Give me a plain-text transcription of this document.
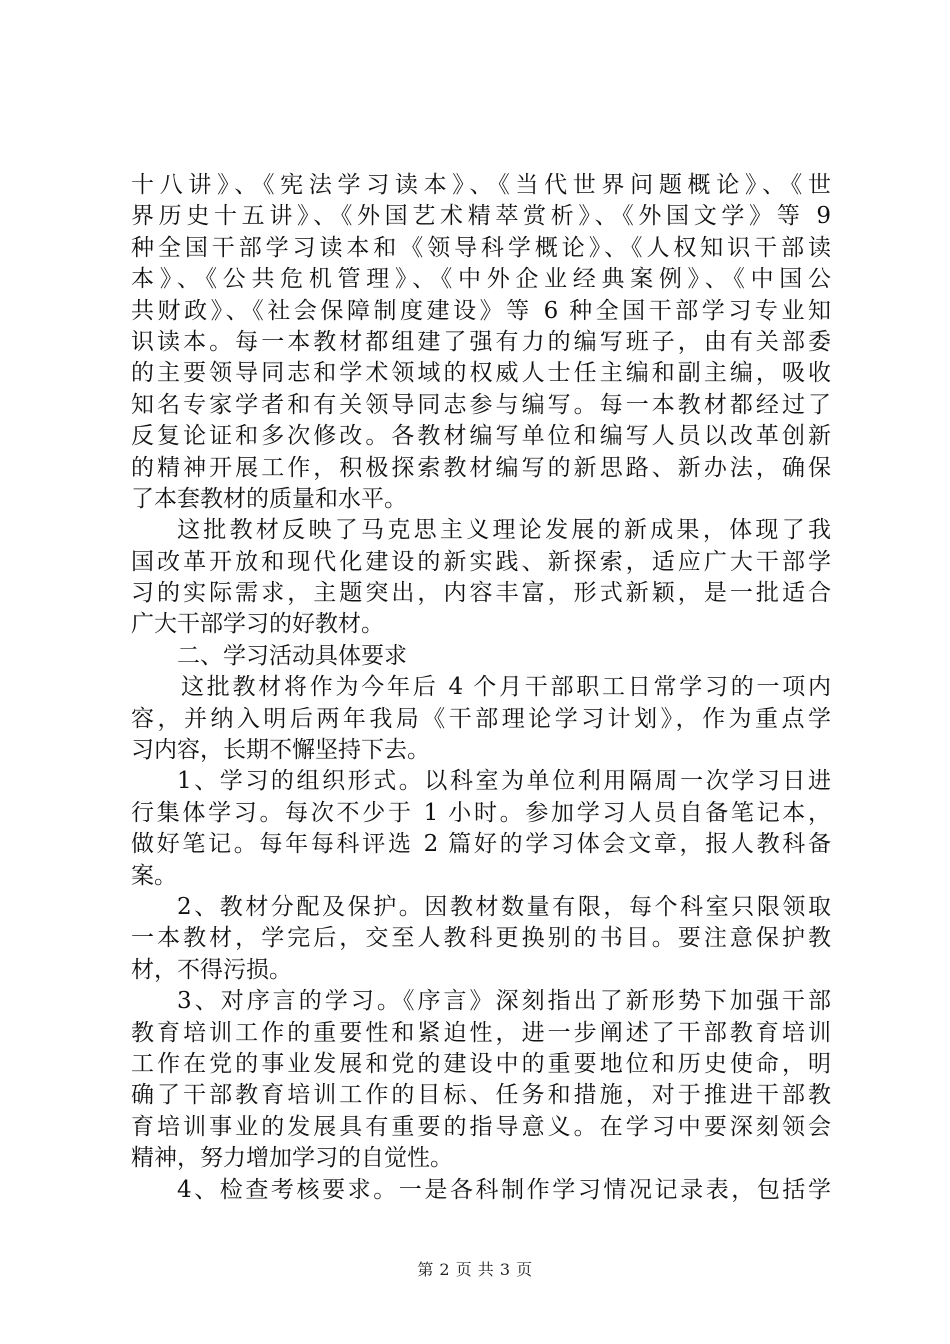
十八讲》、《宪法学习读本》、《当代世界问题概论》、《世
界历史十五讲》、《外国艺术精萃赏析》、《外国文学》等 9
种全国干部学习读本和《领导科学概论》、《人权知识干部读
本》、《公共危机管理》、《中外企业经典案例》、《中国公
共财政》、《社会保障制度建设》等 6 种全国干部学习专业知
识读本。每一本教材都组建了强有力的编写班子，由有关部委
的主要领导同志和学术领域的权威人士任主编和副主编，吸收
知名专家学者和有关领导同志参与编写。每一本教材都经过了
反复论证和多次修改。各教材编写单位和编写人员以改革创新
的精神开展工作，积极探索教材编写的新思路、新办法，确保
了本套教材的质量和水平。
这批教材反映了马克思主义理论发展的新成果，体现了我
国改革开放和现代化建设的新实践、新探索，适应广大干部学
习的实际需求，主题突出，内容丰富，形式新颖，是一批适合
广大干部学习的好教材。
二、学习活动具体要求
这批教材将作为今年后 4 个月干部职工日常学习的一项内
容，并纳入明后两年我局《干部理论学习计划》，作为重点学
习内容，长期不懈坚持下去。
1、学习的组织形式。以科室为单位利用隔周一次学习日进
行集体学习。每次不少于 1 小时。参加学习人员自备笔记本，
做好笔记。每年每科评选 2 篇好的学习体会文章，报人教科备
案。
2、教材分配及保护。因教材数量有限，每个科室只限领取
一本教材，学完后，交至人教科更换别的书目。要注意保护教
材，不得污损。
3、对序言的学习。《序言》深刻指出了新形势下加强干部
教育培训工作的重要性和紧迫性，进一步阐述了干部教育培训
工作在党的事业发展和党的建设中的重要地位和历史使命，明
确了干部教育培训工作的目标、任务和措施，对于推进干部教
育培训事业的发展具有重要的指导意义。在学习中要深刻领会
精神，努力增加学习的自觉性。
4、检查考核要求。一是各科制作学习情况记录表，包括学
第 2 页 共 3 页
